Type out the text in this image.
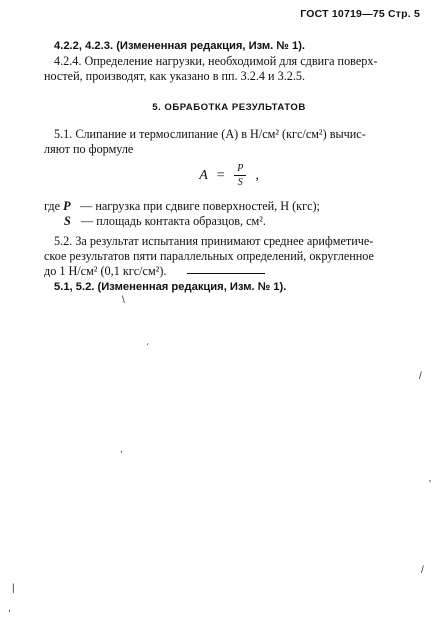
ГОСТ 10719—75 Стр. 5

4.2.2, 4.2.3. (Измененная редакция, Изм. № 1).

4.2.4. Определение нагрузки, необходимой для сдвига поверх-
ностей, производят, как указано в пп. 3.2.4 и 3.2.5.

5. ОБРАБОТКА РЕЗУЛЬТАТОВ

5.1. Слипание и термослипание (A) в Н/см² (кгс/см²) вычис-
ляют по формуле

$A = \frac{P}{S}$ ,

где P — нагрузка при сдвиге поверхностей, Н (кгс);

S — площадь контакта образцов, см².

5.2. За результат испытания принимают среднее арифметиче-
ское результатов пяти параллельных определений, округленное
до 1 Н/см² (0,1 кгс/см²).

5.1, 5.2. (Измененная редакция, Изм. № 1).

\
ˊ
,
/
'
/
|
,
